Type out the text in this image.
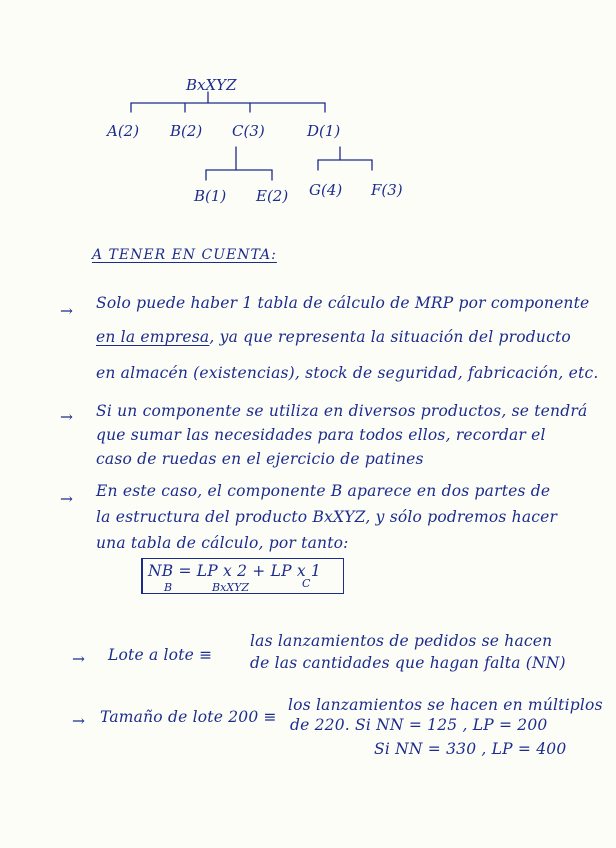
BxXYZ
A(2) B(2) C(3)	D(1)
B(1) E(2) G(4) F(3)
A TENER EN CUENTA:
→ Solo puede haber 1 tabla de cálculo de MRP por componente
en la empresa, ya que representa la situación del producto
en almacén (existencias), stock de seguridad, fabricación, etc.
→ Si un componente se utiliza en diversos productos, se tendrá
que sumar las necesidades para todos ellos, recordar el
caso de ruedas en el ejercicio de patines
→ En este caso, el componente B aparece en dos partes de
la estructura del producto BxXYZ, y sólo podremos hacer
una tabla de cálculo, por tanto:
NB = LP x 2 + LP x 1
B	BxXYZ	C
→ Lote a lote ≡
las lanzamientos de pedidos se hacen
de las cantidades que hagan falta (NN)
→ Tamaño de lote 200 ≡
los lanzamientos se hacen en múltiplos
de 220. Si NN = 125 , LP = 200
Si NN = 330 , LP = 400
